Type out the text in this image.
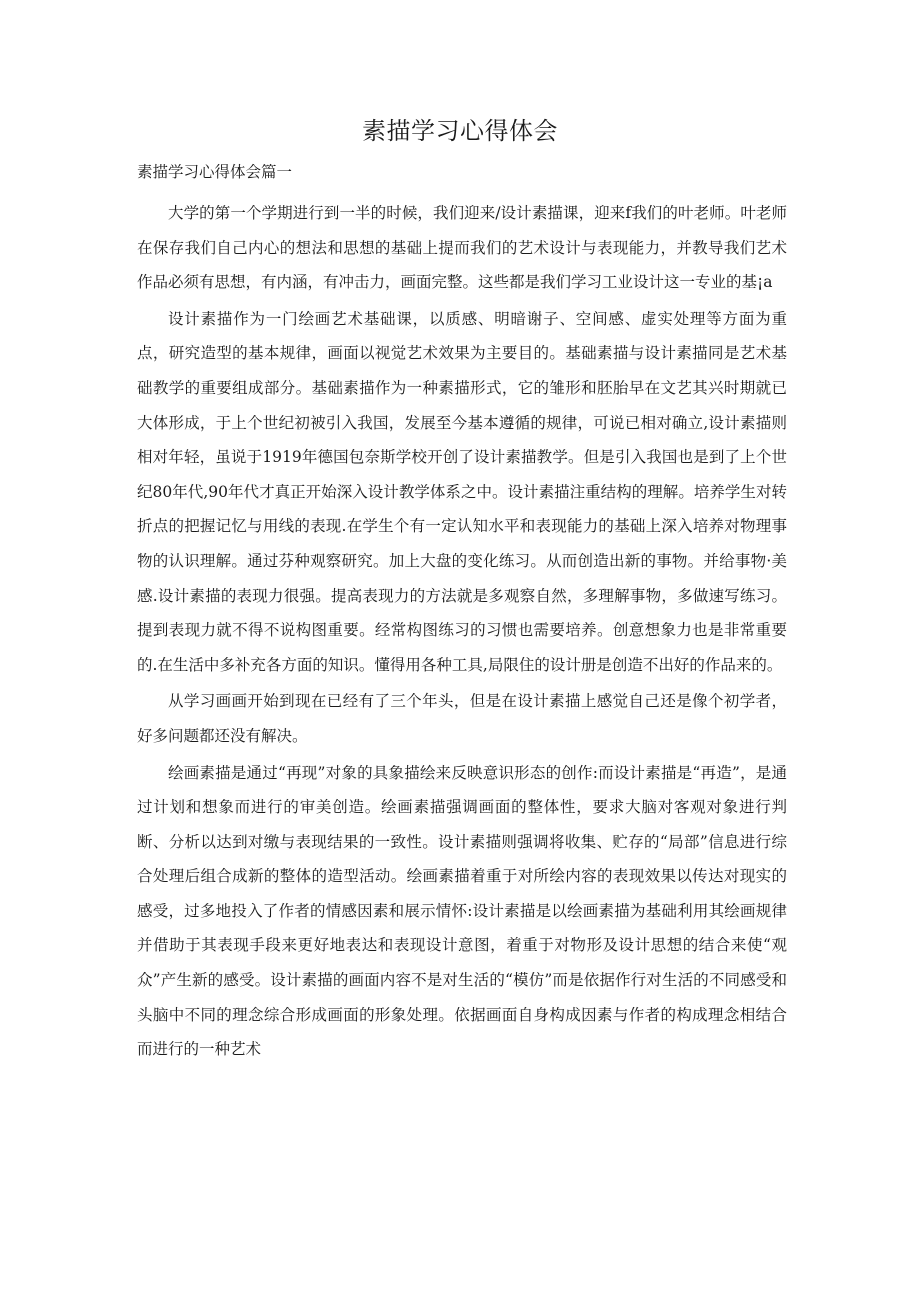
素描学习心得体会
素描学习心得体会篇一

大学的第一个学期进行到一半的时候，我们迎来/设计素描课，迎来f我们的叶老师。叶老师在保存我们自己内心的想法和思想的基础上提而我们的艺术设计与表现能力，并教导我们艺术作品必须有思想，有内涵，有冲击力，画面完整。这些都是我们学习工业设计这一专业的基¡a

设计素描作为一门绘画艺术基础课，以质感、明暗谢子、空间感、虚实处理等方面为重点，研究造型的基本规律，画面以视觉艺术效果为主要目的。基础素描与设计素描同是艺术基础教学的重要组成部分。基础素描作为一种素描形式，它的雏形和胚胎早在文艺其兴时期就已大体形成，于上个世纪初被引入我国，发展至今基本遵循的规律，可说已相对确立,设计素描则相对年轻，虽说于1919年德国包奈斯学校开创了设计素描教学。但是引入我国也是到了上个世纪80年代,90年代才真正开始深入设计教学体系之中。设计素描注重结构的理解。培养学生对转折点的把握记忆与用线的表现.在学生个有一定认知水平和表现能力的基础上深入培养对物理事物的认识理解。通过芬种观察研究。加上大盘的变化练习。从而创造出新的事物。并给事物·美感.设计素描的表现力很强。提高表现力的方法就是多观察自然，多理解事物，多做速写练习。提到表现力就不得不说构图重要。经常构图练习的习惯也需要培养。创意想象力也是非常重要的.在生活中多补充各方面的知识。懂得用各种工具,局限住的设计册是创造不出好的作品来的。

从学习画画开始到现在已经有了三个年头，但是在设计素描上感觉自己还是像个初学者，好多问题都还没有解决。

绘画素描是通过“再现”对象的具象描绘来反映意识形态的创作:而设计素描是“再造”，是通过计划和想象而进行的审美创造。绘画素描强调画面的整体性，要求大脑对客观对象进行判断、分析以达到对缴与表现结果的一致性。设计素描则强调将收集、贮存的“局部”信息进行综合处理后组合成新的整体的造型活动。绘画素描着重于对所绘内容的表现效果以传达对现实的感受，过多地投入了作者的情感因素和展示情怀:设计素描是以绘画素描为基础利用其绘画规律并借助于其表现手段来更好地表达和表现设计意图，着重于对物形及设计思想的结合来使“观众”产生新的感受。设计素描的画面内容不是对生活的“模仿”而是依据作行对生活的不同感受和头脑中不同的理念综合形成画面的形象处理。依据画面自身构成因素与作者的构成理念相结合而进行的一种艺术
